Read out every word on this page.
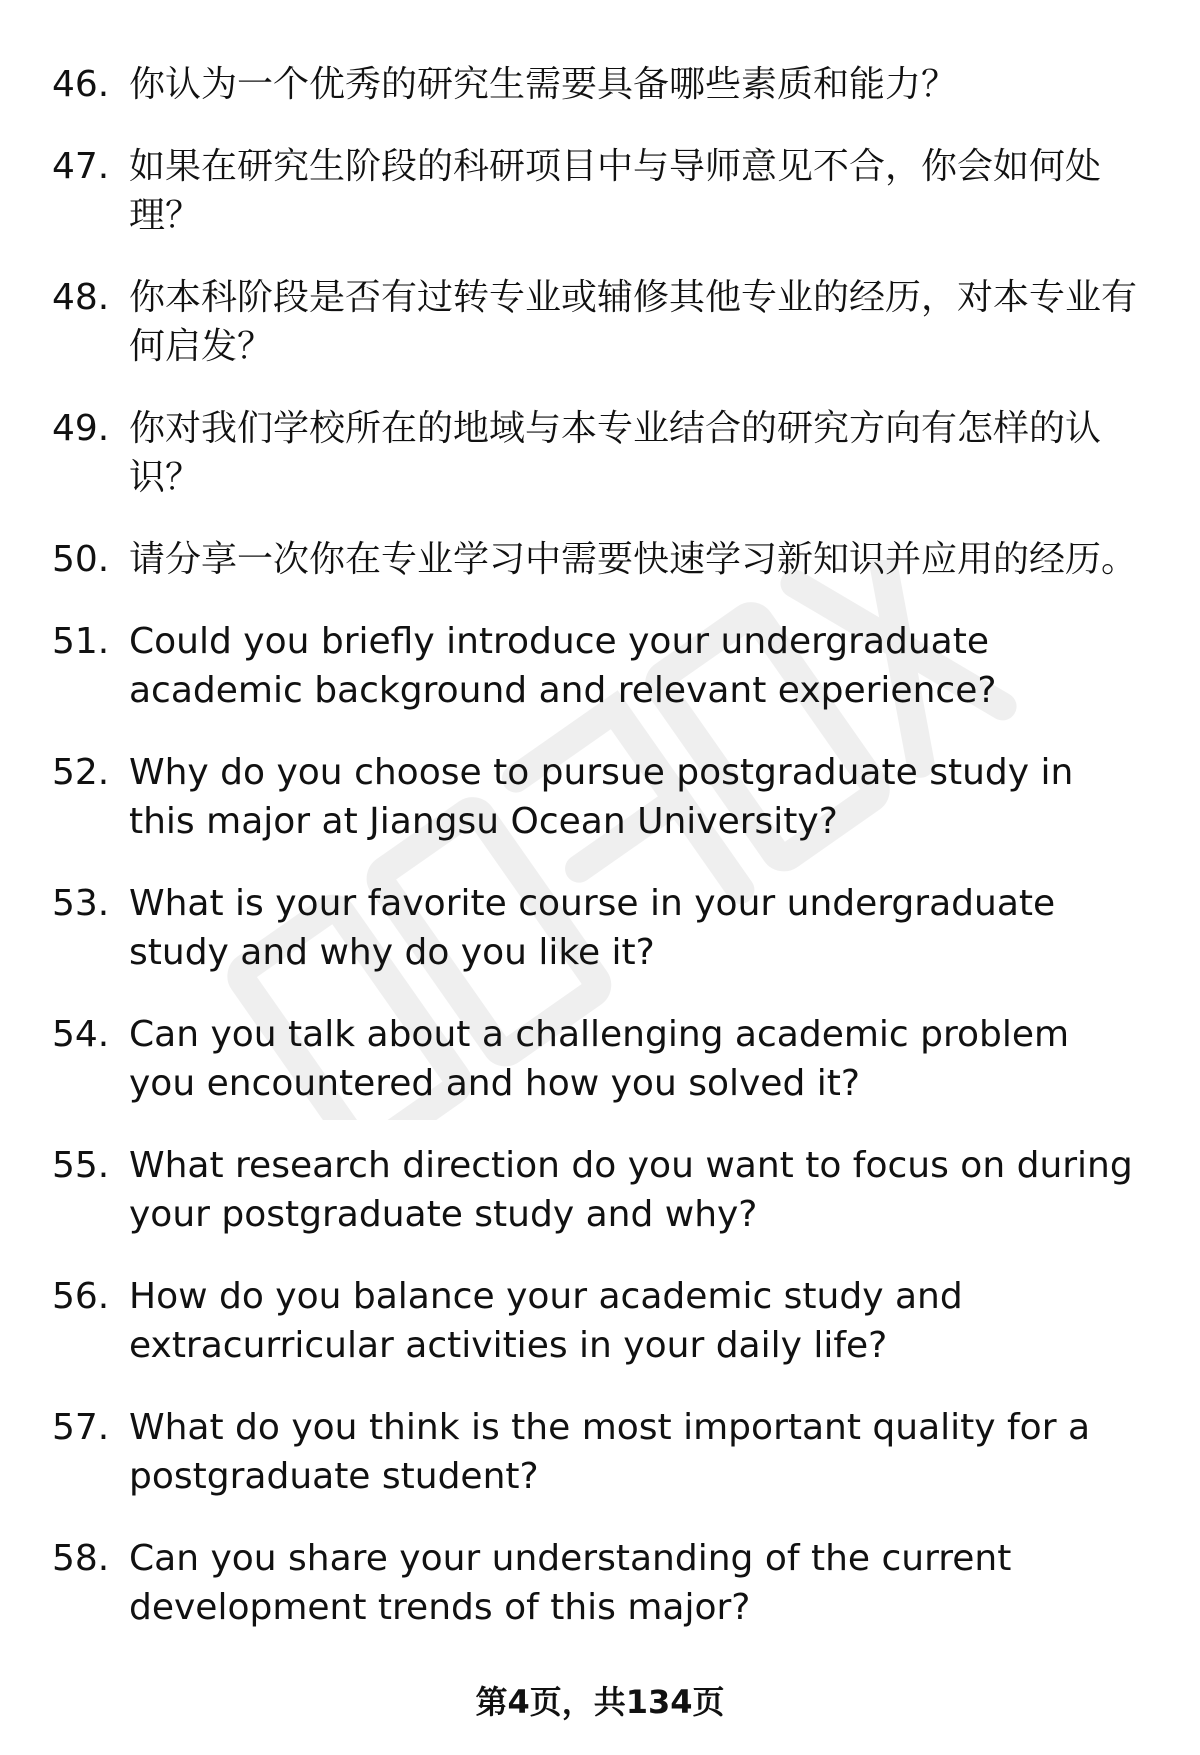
46. 你认为一个优秀的研究生需要具备哪些素质和能力？
47. 如果在研究生阶段的科研项目中与导师意见不合，你会如何处理？
48. 你本科阶段是否有过转专业或辅修其他专业的经历，对本专业有何启发？
49. 你对我们学校所在的地域与本专业结合的研究方向有怎样的认识？
50. 请分享一次你在专业学习中需要快速学习新知识并应用的经历。
51. Could you briefly introduce your undergraduate academic background and relevant experience?
52. Why do you choose to pursue postgraduate study in this major at Jiangsu Ocean University?
53. What is your favorite course in your undergraduate study and why do you like it?
54. Can you talk about a challenging academic problem you encountered and how you solved it?
55. What research direction do you want to focus on during your postgraduate study and why?
56. How do you balance your academic study and extracurricular activities in your daily life?
57. What do you think is the most important quality for a postgraduate student?
58. Can you share your understanding of the current development trends of this major?
第4页，共134页
